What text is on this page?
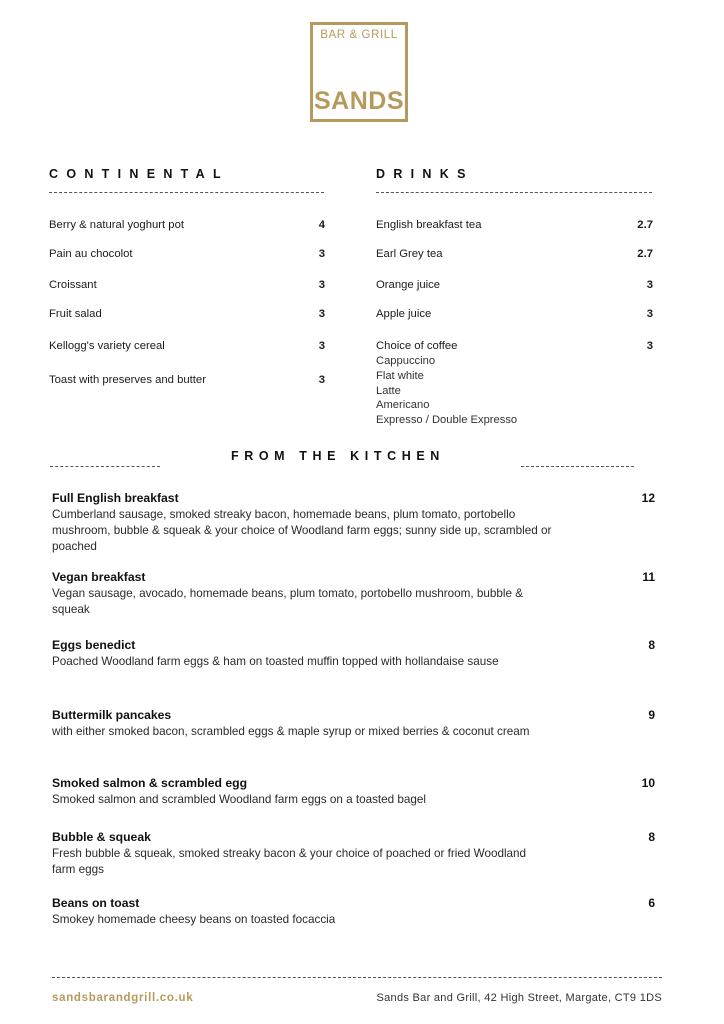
BAR & GRILL
SANDS
CONTINENTAL	DRINKS
Berry & natural yoghurt pot	4
Pain au chocolot	3
Croissant	3
Fruit salad	3
Kellogg's variety cereal	3
Toast with preserves and butter	3
English breakfast tea	2.7
Earl Grey tea	2.7
Orange juice	3
Apple juice	3
Choice of coffee	3
Cappuccino
Flat white
Latte
Americano
Expresso / Double Expresso
FROM THE KITCHEN
Full English breakfast	12
Cumberland sausage, smoked streaky bacon, homemade beans, plum tomato, portobello mushroom, bubble & squeak & your choice of Woodland farm eggs; sunny side up, scrambled or poached
Vegan breakfast	11
Vegan sausage, avocado, homemade beans, plum tomato, portobello mushroom, bubble & squeak
Eggs benedict	8
Poached Woodland farm eggs & ham on toasted muffin topped with hollandaise sause
Buttermilk pancakes	9
with either smoked bacon, scrambled eggs & maple syrup or mixed berries & coconut cream
Smoked salmon & scrambled egg	10
Smoked salmon and scrambled Woodland farm eggs on a toasted bagel
Bubble & squeak	8
Fresh bubble & squeak, smoked streaky bacon & your choice of poached or fried Woodland farm eggs
Beans on toast	6
Smokey homemade cheesy beans on toasted focaccia
sandsbarandgrill.co.uk	Sands Bar and Grill, 42 High Street, Margate, CT9 1DS
